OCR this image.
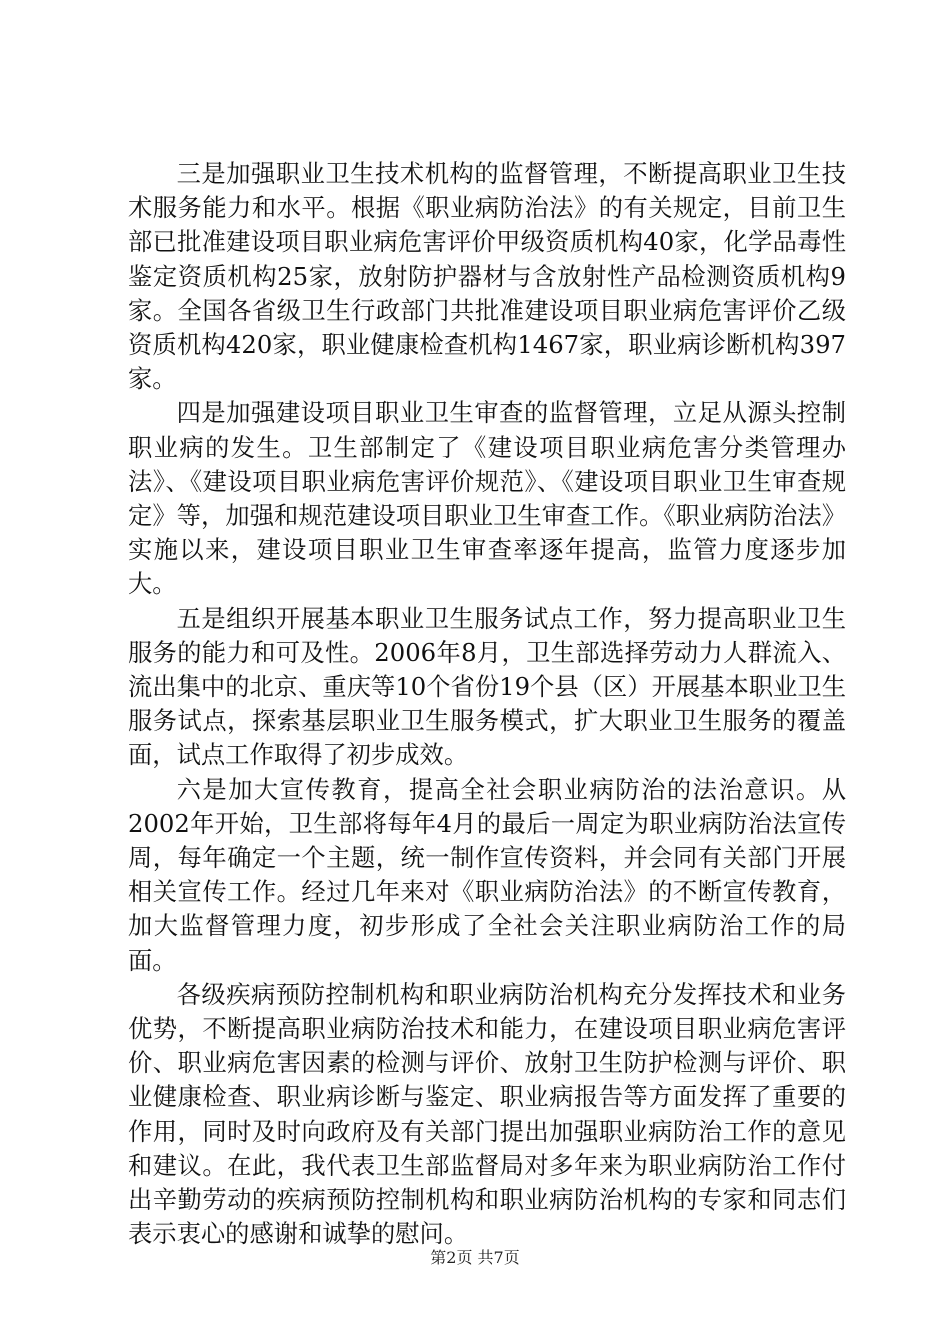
三是加强职业卫生技术机构的监督管理，不断提高职业卫生技术服务能力和水平。根据《职业病防治法》的有关规定，目前卫生部已批准建设项目职业病危害评价甲级资质机构40家，化学品毒性鉴定资质机构25家，放射防护器材与含放射性产品检测资质机构9家。全国各省级卫生行政部门共批准建设项目职业病危害评价乙级资质机构420家，职业健康检查机构1467家，职业病诊断机构397家。

四是加强建设项目职业卫生审查的监督管理，立足从源头控制职业病的发生。卫生部制定了《建设项目职业病危害分类管理办法》、《建设项目职业病危害评价规范》、《建设项目职业卫生审查规定》等，加强和规范建设项目职业卫生审查工作。《职业病防治法》实施以来，建设项目职业卫生审查率逐年提高，监管力度逐步加大。

五是组织开展基本职业卫生服务试点工作，努力提高职业卫生服务的能力和可及性。2006年8月，卫生部选择劳动力人群流入、流出集中的北京、重庆等10个省份19个县（区）开展基本职业卫生服务试点，探索基层职业卫生服务模式，扩大职业卫生服务的覆盖面，试点工作取得了初步成效。

六是加大宣传教育，提高全社会职业病防治的法治意识。从2002年开始，卫生部将每年4月的最后一周定为职业病防治法宣传周，每年确定一个主题，统一制作宣传资料，并会同有关部门开展相关宣传工作。经过几年来对《职业病防治法》的不断宣传教育，加大监督管理力度，初步形成了全社会关注职业病防治工作的局面。

各级疾病预防控制机构和职业病防治机构充分发挥技术和业务优势，不断提高职业病防治技术和能力，在建设项目职业病危害评价、职业病危害因素的检测与评价、放射卫生防护检测与评价、职业健康检查、职业病诊断与鉴定、职业病报告等方面发挥了重要的作用，同时及时向政府及有关部门提出加强职业病防治工作的意见和建议。在此，我代表卫生部监督局对多年来为职业病防治工作付出辛勤劳动的疾病预防控制机构和职业病防治机构的专家和同志们表示衷心的感谢和诚挚的慰问。

第2页 共7页
